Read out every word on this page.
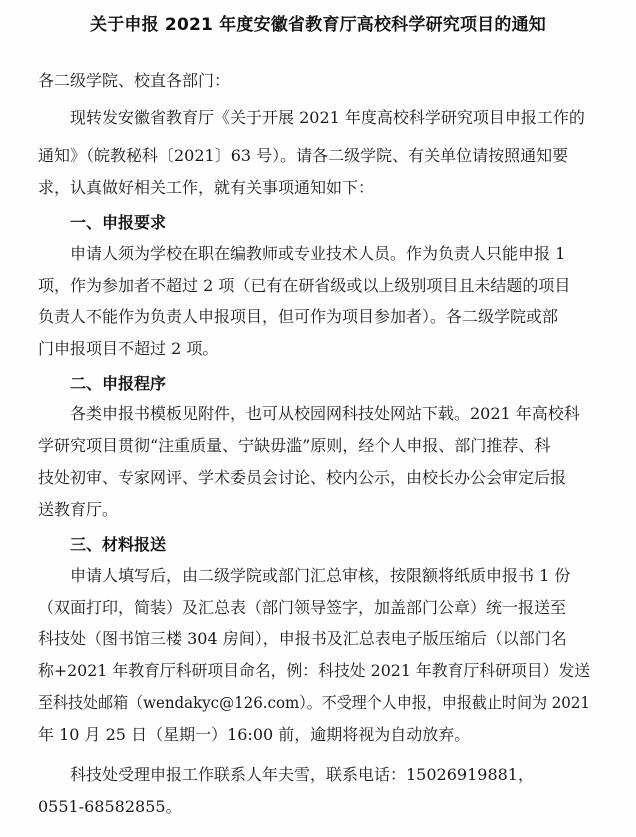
关于申报 2021 年度安徽省教育厅高校科学研究项目的通知
各二级学院、校直各部门：
现转发安徽省教育厅《关于开展 2021 年度高校科学研究项目申报工作的
通知》（皖教秘科〔2021〕63 号）。请各二级学院、有关单位请按照通知要
求，认真做好相关工作，就有关事项通知如下：
一、申报要求
申请人须为学校在职在编教师或专业技术人员。作为负责人只能申报 1
项，作为参加者不超过 2 项（已有在研省级或以上级别项目且未结题的项目
负责人不能作为负责人申报项目，但可作为项目参加者）。各二级学院或部
门申报项目不超过 2 项。
二、申报程序
各类申报书模板见附件，也可从校园网科技处网站下载。2021 年高校科
学研究项目贯彻“注重质量、宁缺毋滥”原则，经个人申报、部门推荐、科
技处初审、专家网评、学术委员会讨论、校内公示，由校长办公会审定后报
送教育厅。
三、材料报送
申请人填写后，由二级学院或部门汇总审核，按限额将纸质申报书 1 份
（双面打印，简装）及汇总表（部门领导签字，加盖部门公章）统一报送至
科技处（图书馆三楼 304 房间），申报书及汇总表电子版压缩后（以部门名
称+2021 年教育厅科研项目命名，例：科技处 2021 年教育厅科研项目）发送
至科技处邮箱（wendakyc@126.com）。不受理个人申报，申报截止时间为 2021
年 10 月 25 日（星期一）16:00 前，逾期将视为自动放弃。
科技处受理申报工作联系人年夫雪，联系电话：15026919881，
0551-68582855。
